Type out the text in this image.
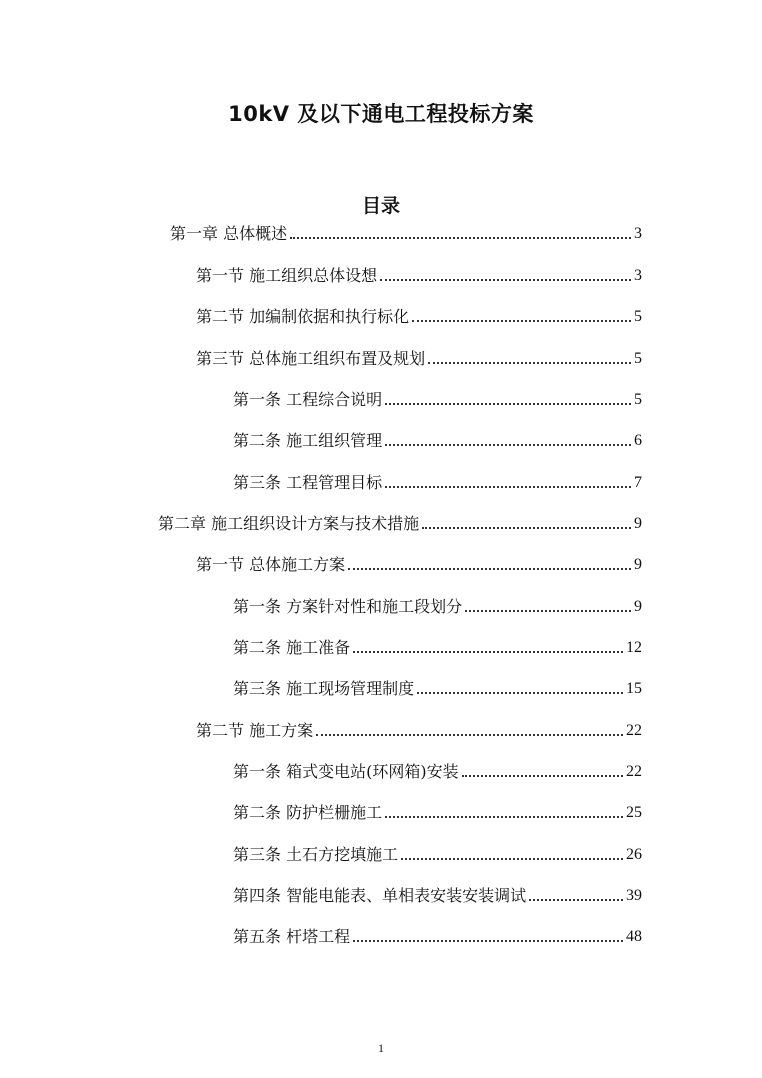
10kV 及以下通电工程投标方案
目录
第一章 总体概述	3
第一节 施工组织总体设想	3
第二节 加编制依据和执行标化	5
第三节 总体施工组织布置及规划	5
第一条 工程综合说明	5
第二条 施工组织管理	6
第三条 工程管理目标	7
第二章 施工组织设计方案与技术措施	9
第一节 总体施工方案	9
第一条 方案针对性和施工段划分	9
第二条 施工准备	12
第三条 施工现场管理制度	15
第二节 施工方案	22
第一条 箱式变电站(环网箱)安装	22
第二条 防护栏栅施工	25
第三条 土石方挖填施工	26
第四条 智能电能表、单相表安装安装调试	39
第五条 杆塔工程	48
1
